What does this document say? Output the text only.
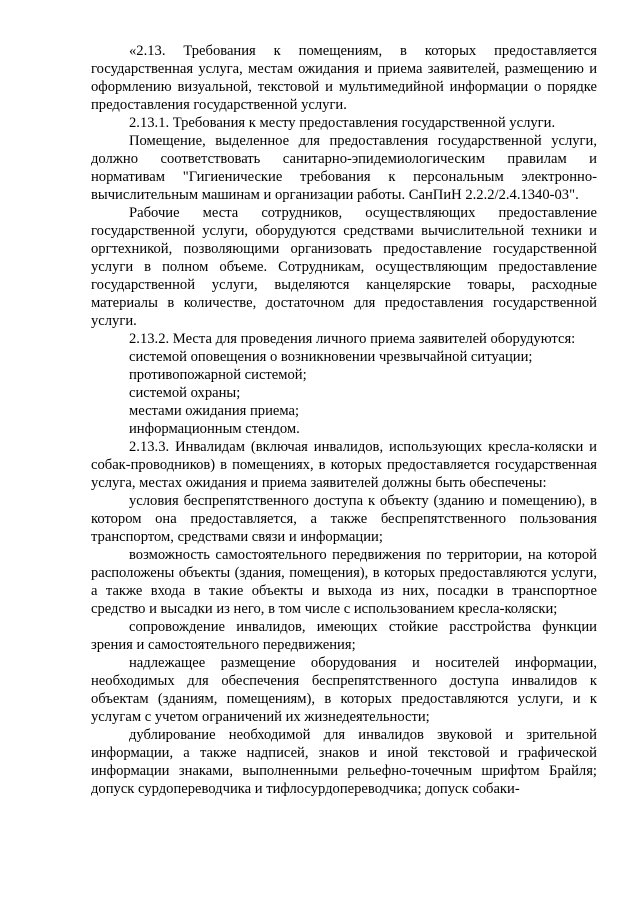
«2.13. Требования к помещениям, в которых предоставляется государственная услуга, местам ожидания и приема заявителей, размещению и оформлению визуальной, текстовой и мультимедийной информации о порядке предоставления государственной услуги.

2.13.1. Требования к месту предоставления государственной услуги.

Помещение, выделенное для предоставления государственной услуги, должно соответствовать санитарно-эпидемиологическим правилам и нормативам "Гигиенические требования к персональным электронно-вычислительным машинам и организации работы. СанПиН 2.2.2/2.4.1340-03".

Рабочие места сотрудников, осуществляющих предоставление государственной услуги, оборудуются средствами вычислительной техники и оргтехникой, позволяющими организовать предоставление государственной услуги в полном объеме. Сотрудникам, осуществляющим предоставление государственной услуги, выделяются канцелярские товары, расходные материалы в количестве, достаточном для предоставления государственной услуги.

2.13.2. Места для проведения личного приема заявителей оборудуются:

системой оповещения о возникновении чрезвычайной ситуации;

противопожарной системой;

системой охраны;

местами ожидания приема;

информационным стендом.

2.13.3. Инвалидам (включая инвалидов, использующих кресла-коляски и собак-проводников) в помещениях, в которых предоставляется государственная услуга, местах ожидания и приема заявителей должны быть обеспечены:

условия беспрепятственного доступа к объекту (зданию и помещению), в котором она предоставляется, а также беспрепятственного пользования транспортом, средствами связи и информации;

возможность самостоятельного передвижения по территории, на которой расположены объекты (здания, помещения), в которых предоставляются услуги, а также входа в такие объекты и выхода из них, посадки в транспортное средство и высадки из него, в том числе с использованием кресла-коляски;

сопровождение инвалидов, имеющих стойкие расстройства функции зрения и самостоятельного передвижения;

надлежащее размещение оборудования и носителей информации, необходимых для обеспечения беспрепятственного доступа инвалидов к объектам (зданиям, помещениям), в которых предоставляются услуги, и к услугам с учетом ограничений их жизнедеятельности;

дублирование необходимой для инвалидов звуковой и зрительной информации, а также надписей, знаков и иной текстовой и графической информации знаками, выполненными рельефно-точечным шрифтом Брайля; допуск сурдопереводчика и тифлосурдопереводчика; допуск собаки-
